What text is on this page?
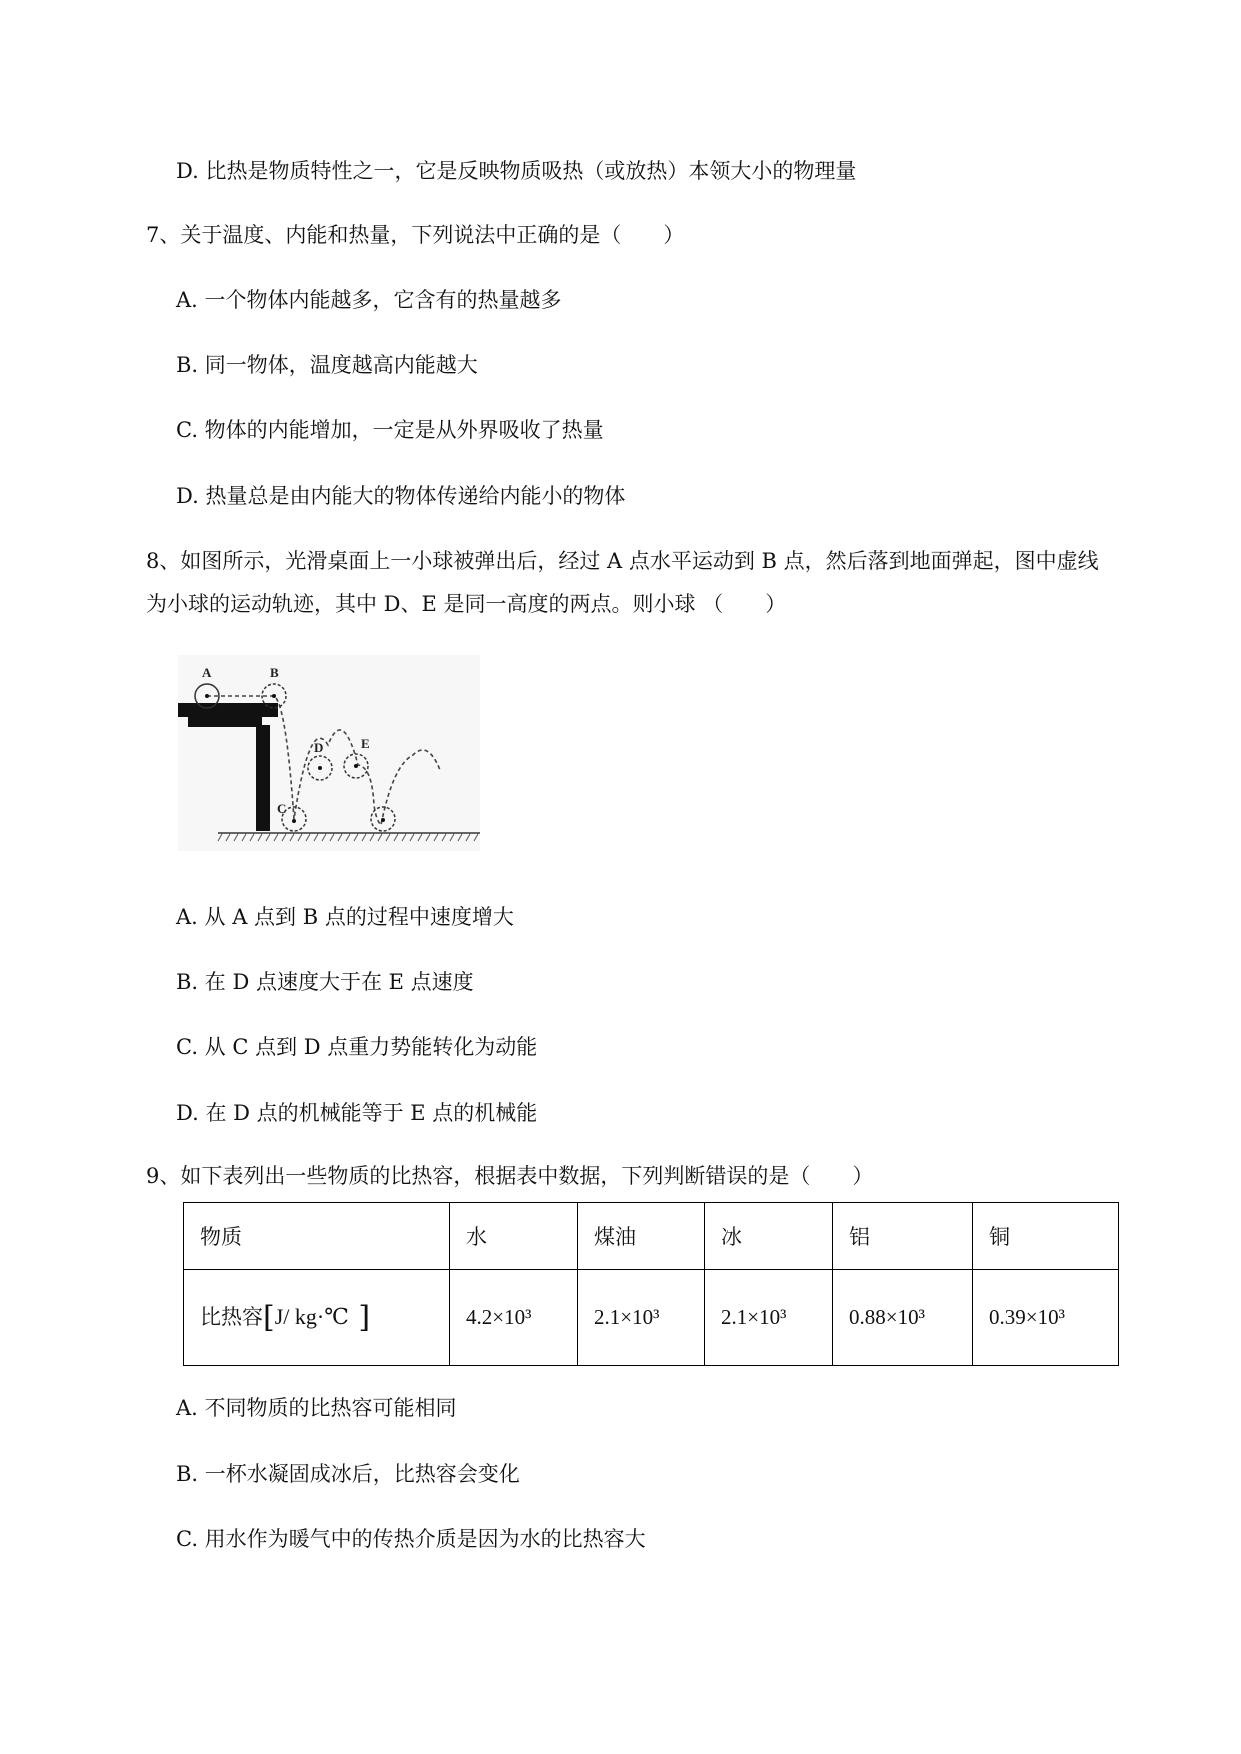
D. 比热是物质特性之一，它是反映物质吸热（或放热）本领大小的物理量
7、关于温度、内能和热量，下列说法中正确的是（　　）
A. 一个物体内能越多，它含有的热量越多
B. 同一物体，温度越高内能越大
C. 物体的内能增加，一定是从外界吸收了热量
D. 热量总是由内能大的物体传递给内能小的物体
8、如图所示，光滑桌面上一小球被弹出后，经过 A 点水平运动到 B 点，然后落到地面弹起，图中虚线
为小球的运动轨迹，其中 D、E 是同一高度的两点。则小球 （　　）
A	B
C
D	E
A. 从 A 点到 B 点的过程中速度增大
B. 在 D 点速度大于在 E 点速度
C. 从 C 点到 D 点重力势能转化为动能
D. 在 D 点的机械能等于 E 点的机械能
9、如下表列出一些物质的比热容，根据表中数据，下列判断错误的是（　　）
物质	水	煤油	冰	铝	铜
比热容[J/ kg·℃ ]	4.2×10³	2.1×10³	2.1×10³	0.88×10³	0.39×10³
A. 不同物质的比热容可能相同
B. 一杯水凝固成冰后，比热容会变化
C. 用水作为暖气中的传热介质是因为水的比热容大
